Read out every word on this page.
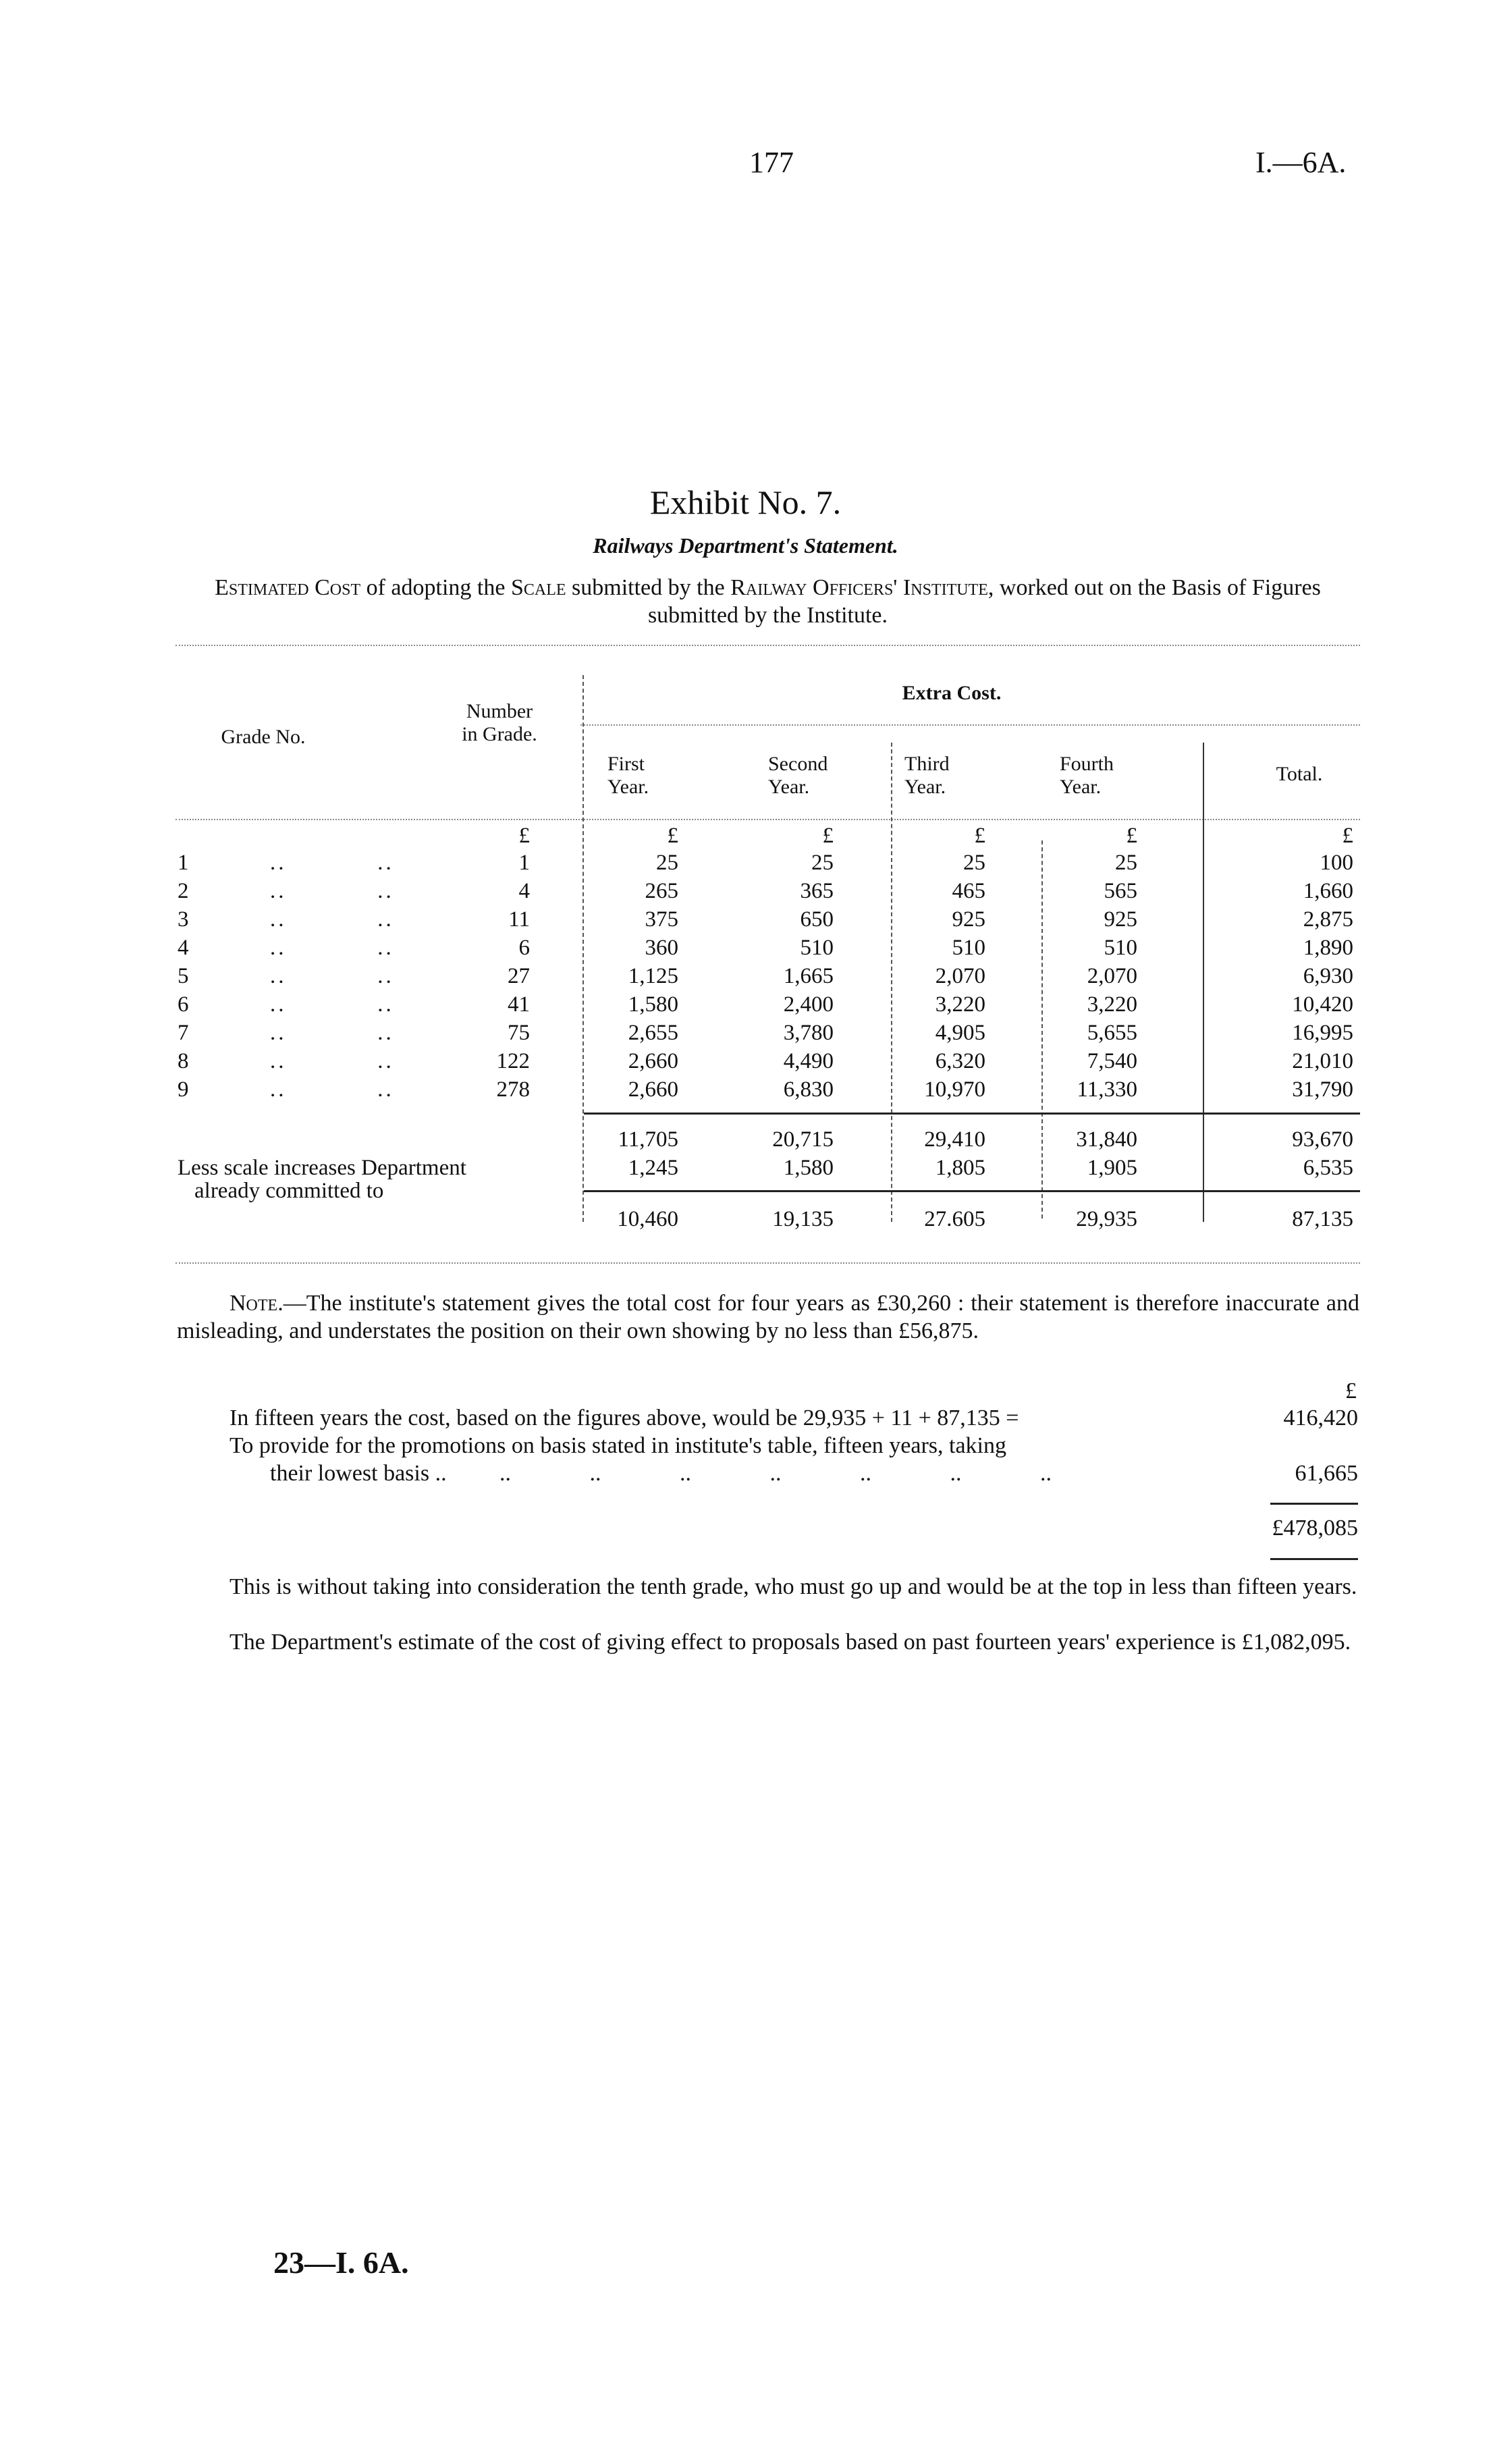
177	I.—6A.
Exhibit No. 7.
Railways Department's Statement.
Estimated Cost of adopting the Scale submitted by the Railway Officers' Institute, worked out on the Basis of Figures submitted by the Institute.
Grade No.
Number in Grade.
Extra Cost.
First Year.
Second Year.
Third Year.
Fourth Year.
Total.
£	£	£	£	£	£
1	..           ..	1	25	25	25	25	100
2	..           ..	4	265	365	465	565	1,660
3	..           ..	11	375	650	925	925	2,875
4	..           ..	6	360	510	510	510	1,890
5	..           ..	27	1,125	1,665	2,070	2,070	6,930
6	..           ..	41	1,580	2,400	3,220	3,220	10,420
7	..           ..	75	2,655	3,780	4,905	5,655	16,995
8	..           ..	122	2,660	4,490	6,320	7,540	21,010
9	..           ..	278	2,660	6,830	10,970	11,330	31,790
11,705	20,715	29,410	31,840	93,670
Less scale increases Department
already committed to
1,245	1,580	1,805	1,905	6,535
10,460	19,135	27.605	29,935	87,135
Note.—The institute's statement gives the total cost for four years as £30,260 : their statement is therefore inaccurate and misleading, and understates the position on their own showing by no less than £56,875.
£
In fifteen years the cost, based on the figures above, would be 29,935 + 11 + 87,135 =	416,420
To provide for the promotions on basis stated in institute's table, fifteen years, taking
their lowest basis ..	.. .. .. .. .. .. ..	61,665
£478,085
This is without taking into consideration the tenth grade, who must go up and would be at the top in less than fifteen years.
The Department's estimate of the cost of giving effect to proposals based on past fourteen years' experience is £1,082,095.
23—I. 6A.
